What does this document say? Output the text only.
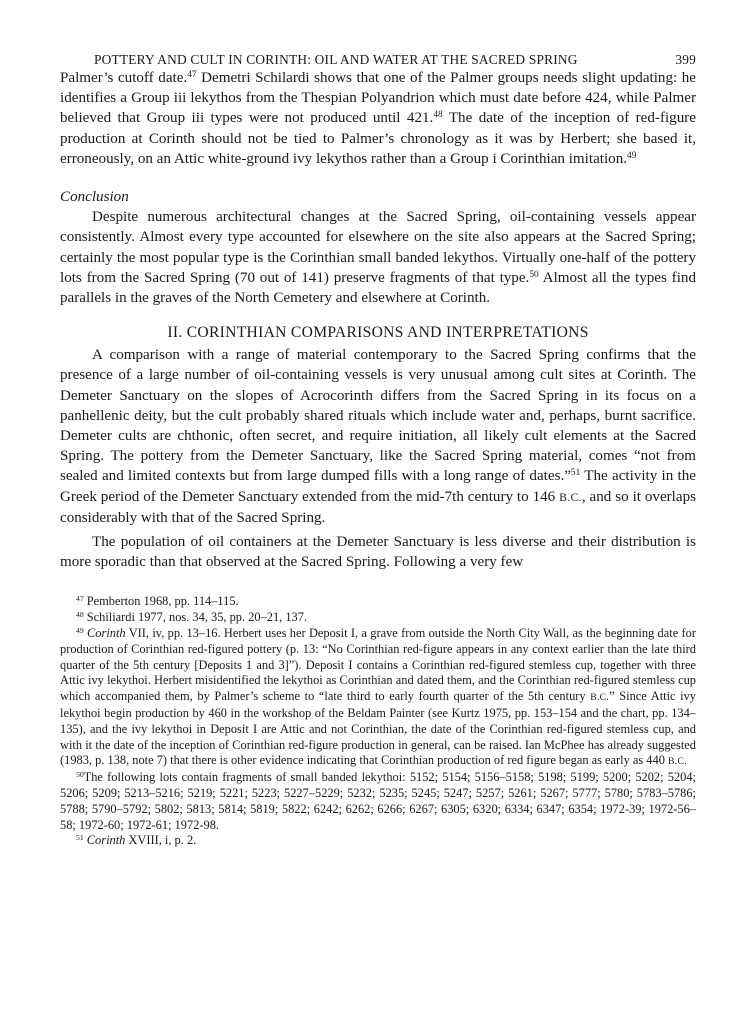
POTTERY AND CULT IN CORINTH: OIL AND WATER AT THE SACRED SPRING	399

Palmer’s cutoff date.$^{47}$ Demetri Schilardi shows that one of the Palmer groups needs slight updating: he identifies a Group iii lekythos from the Thespian Polyandrion which must date before 424, while Palmer believed that Group iii types were not produced until 421.48 The date of the inception of red-figure production at Corinth should not be tied to Palmer’s chronology as it was by Herbert; she based it, erroneously, on an Attic white-ground ivy lekythos rather than a Group i Corinthian imitation.$^{49}$

Conclusion

Despite numerous architectural changes at the Sacred Spring, oil-containing vessels appear consistently. Almost every type accounted for elsewhere on the site also appears at the Sacred Spring; certainly the most popular type is the Corinthian small banded lekythos. Virtually one-half of the pottery lots from the Sacred Spring (70 out of 141) preserve fragments of that type.$^{50}$ Almost all the types find parallels in the graves of the North Cemetery and elsewhere at Corinth.

II. CORINTHIAN COMPARISONS AND INTERPRETATIONS

A comparison with a range of material contemporary to the Sacred Spring confirms that the presence of a large number of oil-containing vessels is very unusual among cult sites at Corinth. The Demeter Sanctuary on the slopes of Acrocorinth differs from the Sacred Spring in its focus on a panhellenic deity, but the cult probably shared rituals which include water and, perhaps, burnt sacrifice. Demeter cults are chthonic, often secret, and require initiation, all likely cult elements at the Sacred Spring. The pottery from the Demeter Sanctuary, like the Sacred Spring material, comes “not from sealed and limited contexts but from large dumped fills with a long range of dates.”$^{51}$ The activity in the Greek period of the Demeter Sanctuary extended from the mid-7th century to 146 B.C., and so it overlaps considerably with that of the Sacred Spring.

The population of oil containers at the Demeter Sanctuary is less diverse and their distribution is more sporadic than that observed at the Sacred Spring. Following a very few

$^{47}$ Pemberton 1968, pp. 114–115.

$^{48}$ Schiliardi 1977, nos. 34, 35, pp. 20–21, 137.

$^{49}$ Corinth VII, iv, pp. 13–16. Herbert uses her Deposit I, a grave from outside the North City Wall, as the beginning date for production of Corinthian red-figured pottery (p. 13: “No Corinthian red-figure appears in any context earlier than the late third quarter of the 5th century [Deposits 1 and 3]”). Deposit I contains a Corinthian red-figured stemless cup, together with three Attic ivy lekythoi. Herbert misidentified the lekythoi as Corinthian and dated them, and the Corinthian red-figured stemless cup which accompanied them, by Palmer’s scheme to “late third to early fourth quarter of the 5th century B.C.” Since Attic ivy lekythoi begin production by 460 in the workshop of the Beldam Painter (see Kurtz 1975, pp. 153–154 and the chart, pp. 134–135), and the ivy lekythoi in Deposit I are Attic and not Corinthian, the date of the Corinthian red-figured stemless cup, and with it the date of the inception of Corinthian red-figure production in general, can be raised. Ian McPhee has already suggested (1983, p. 138, note 7) that there is other evidence indicating that Corinthian production of red figure began as early as 440 B.C.

$^{50}$The following lots contain fragments of small banded lekythoi: 5152; 5154; 5156–5158; 5198; 5199; 5200; 5202; 5204; 5206; 5209; 5213–5216; 5219; 5221; 5223; 5227–5229; 5232; 5235; 5245; 5247; 5257; 5261; 5267; 5777; 5780; 5783–5786; 5788; 5790–5792; 5802; 5813; 5814; 5819; 5822; 6242; 6262; 6266; 6267; 6305; 6320; 6334; 6347; 6354; 1972-39; 1972-56–58; 1972-60; 1972-61; 1972-98.

$^{51}$ Corinth XVIII, i, p. 2.
